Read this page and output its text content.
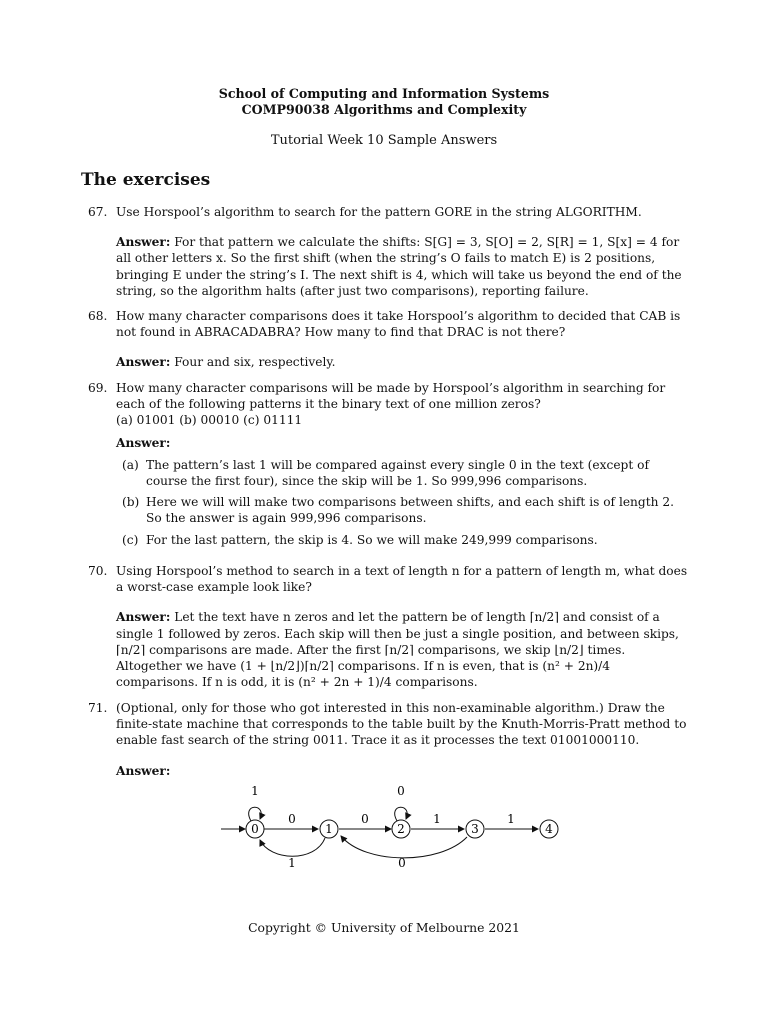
School of Computing and Information Systems
COMP90038 Algorithms and Complexity
Tutorial Week 10 Sample Answers
The exercises
67. Use Horspool’s algorithm to search for the pattern GORE in the string ALGORITHM.

Answer: For that pattern we calculate the shifts: S[G] = 3, S[O] = 2, S[R] = 1, S[x] = 4 for all other letters x. So the first shift (when the string’s O fails to match E) is 2 positions, bringing E under the string’s I. The next shift is 4, which will take us beyond the end of the string, so the algorithm halts (after just two comparisons), reporting failure.

68. How many character comparisons does it take Horspool’s algorithm to decided that CAB is not found in ABRACADABRA? How many to find that DRAC is not there?

Answer: Four and six, respectively.

69. How many character comparisons will be made by Horspool’s algorithm in searching for each of the following patterns it the binary text of one million zeros?

(a) 01001 (b) 00010 (c) 01111

Answer:

(a) The pattern’s last 1 will be compared against every single 0 in the text (except of course the first four), since the skip will be 1. So 999,996 comparisons.
(b) Here we will will make two comparisons between shifts, and each shift is of length 2. So the answer is again 999,996 comparisons.
(c) For the last pattern, the skip is 4. So we will make 249,999 comparisons.
70. Using Horspool’s method to search in a text of length n for a pattern of length m, what does a worst-case example look like?

Answer: Let the text have n zeros and let the pattern be of length ⌈n/2⌉ and consist of a single 1 followed by zeros. Each skip will then be just a single position, and between skips, ⌈n/2⌉ comparisons are made. After the first ⌈n/2⌉ comparisons, we skip ⌊n/2⌋ times. Altogether we have (1 + ⌊n/2⌋)⌈n/2⌉ comparisons. If n is even, that is (n² + 2n)/4 comparisons. If n is odd, it is (n² + 2n + 1)/4 comparisons.

71. (Optional, only for those who got interested in this non-examinable algorithm.) Draw the finite-state machine that corresponds to the table built by the Knuth-Morris-Pratt method to enable fast search of the string 0011. Trace it as it processes the text 01001000110.

Answer:

0	1	2	3	4
1	0
0	0	1	1
1	0
Copyright © University of Melbourne 2021
